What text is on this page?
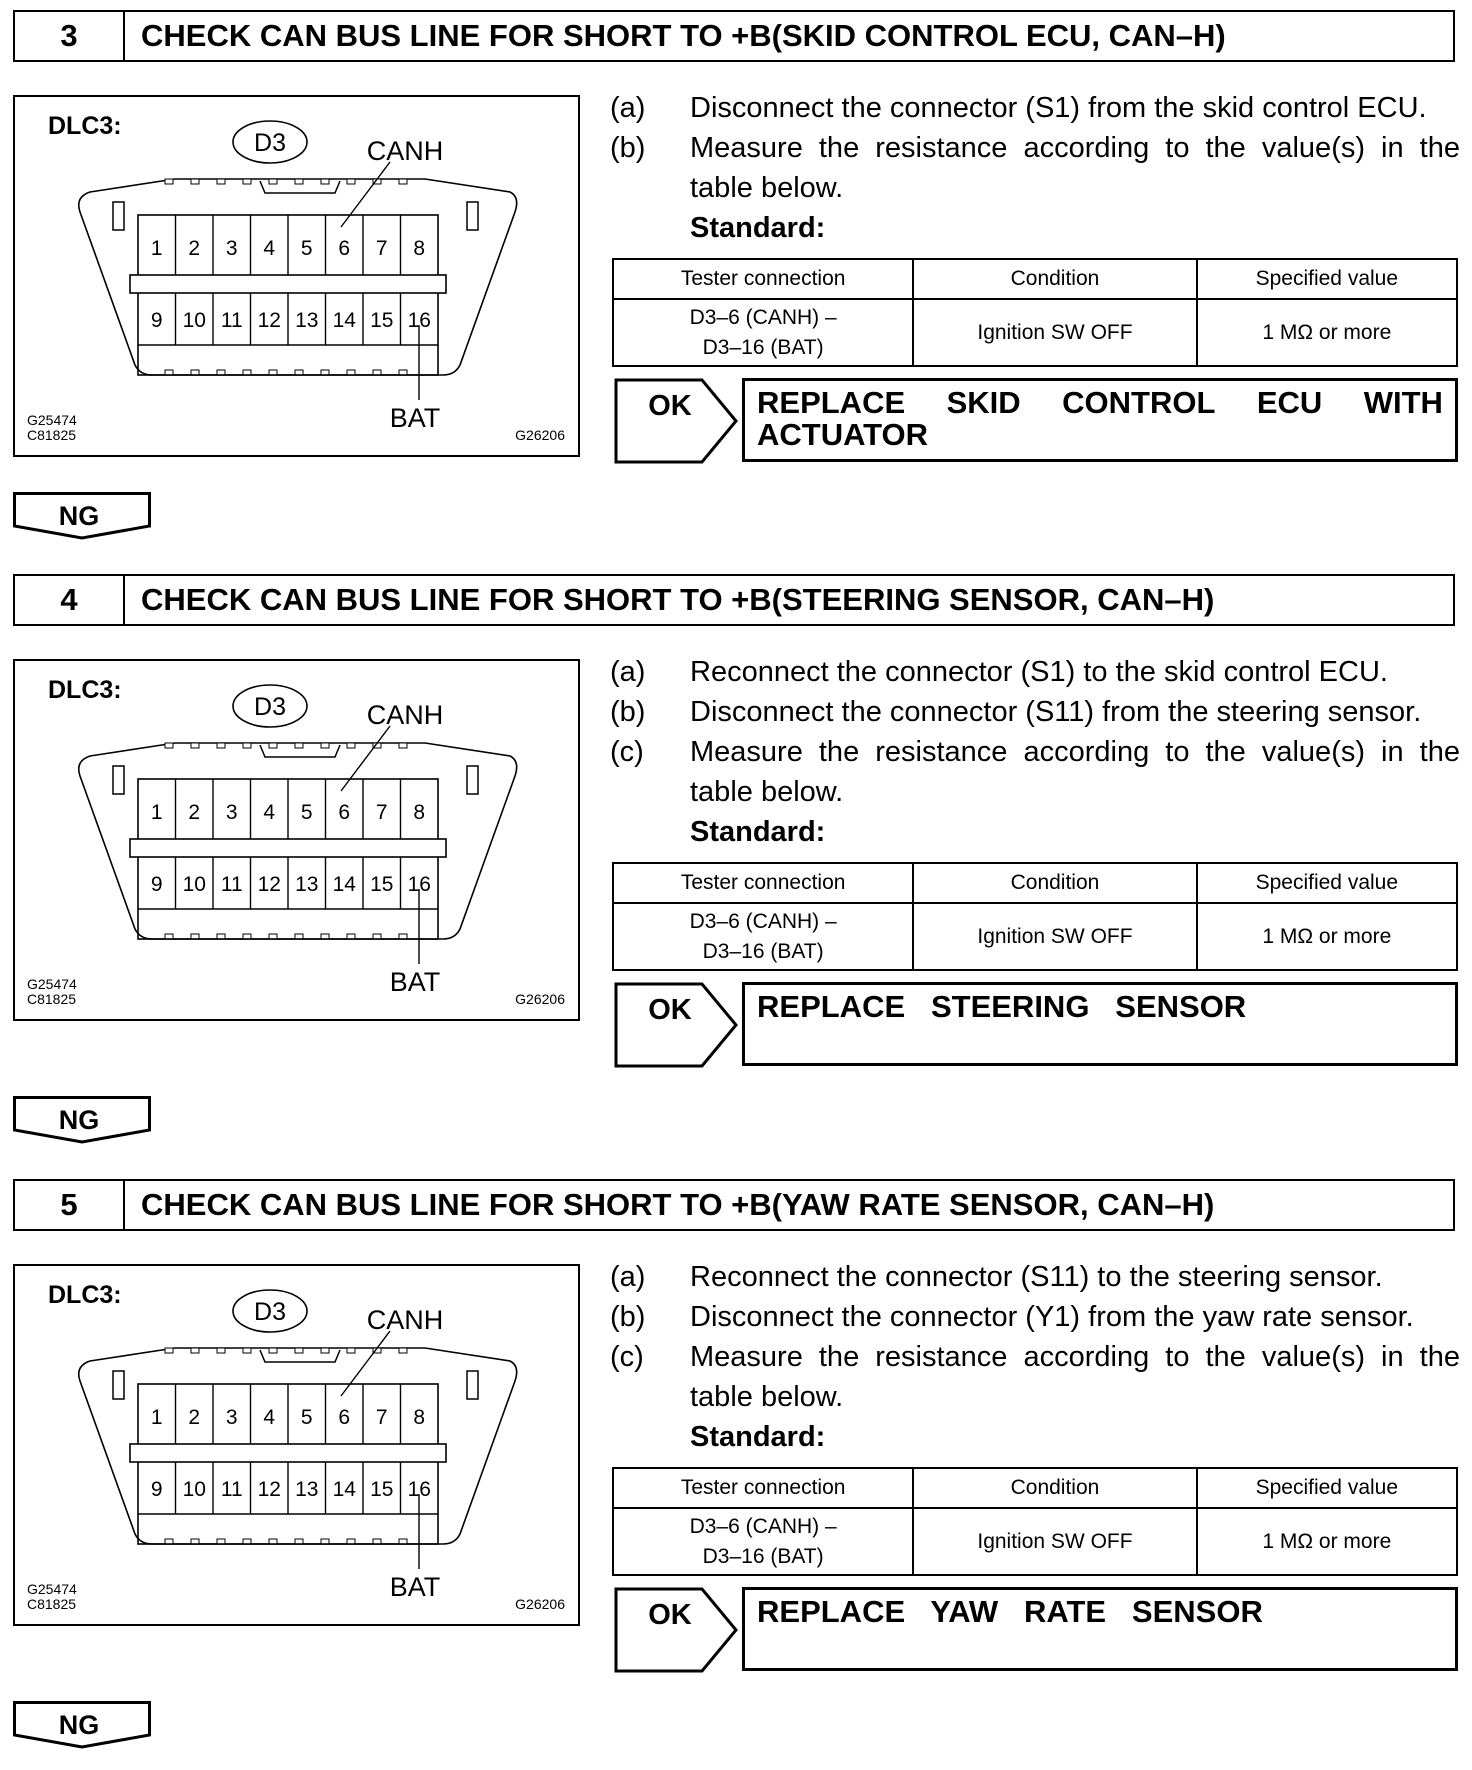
3	CHECK CAN BUS LINE FOR SHORT TO +B(SKID CONTROL ECU, CAN–H)
1
9
2
10
3
11
4
12
5
13
6
14
7
15
8
16
D3
DLC3:
CANH
BAT
G25474
C81825	G26206
(a) Disconnect the connector (S1) from the skid control ECU.
(b) Measure the resistance according to the value(s) in the table below.
Standard:
Tester connection	Condition	Specified value
D3–6 (CANH) –
D3–16 (BAT)	Ignition SW OFF	1 MΩ or more
OK REPLACE SKID CONTROL ECU WITH
ACTUATOR
NG
4	CHECK CAN BUS LINE FOR SHORT TO +B(STEERING SENSOR, CAN–H)
1
9
2
10
3
11
4
12
5
13
6
14
7
15
8
16
D3
DLC3:
CANH
BAT
G25474
C81825	G26206
(a) Reconnect the connector (S1) to the skid control ECU.
(b) Disconnect the connector (S11) from the steering sensor.
(c) Measure the resistance according to the value(s) in the table below.
Standard:
Tester connection	Condition	Specified value
D3–6 (CANH) –
D3–16 (BAT)	Ignition SW OFF	1 MΩ or more
OK REPLACE   STEERING   SENSOR
NG
5	CHECK CAN BUS LINE FOR SHORT TO +B(YAW RATE SENSOR, CAN–H)
1
9
2
10
3
11
4
12
5
13
6
14
7
15
8
16
D3
DLC3:
CANH
BAT
G25474
C81825	G26206
(a) Reconnect the connector (S11) to the steering sensor.
(b) Disconnect the connector (Y1) from the yaw rate sensor.
(c) Measure the resistance according to the value(s) in the table below.
Standard:
Tester connection	Condition	Specified value
D3–6 (CANH) –
D3–16 (BAT)	Ignition SW OFF	1 MΩ or more
OK REPLACE   YAW   RATE   SENSOR
NG
